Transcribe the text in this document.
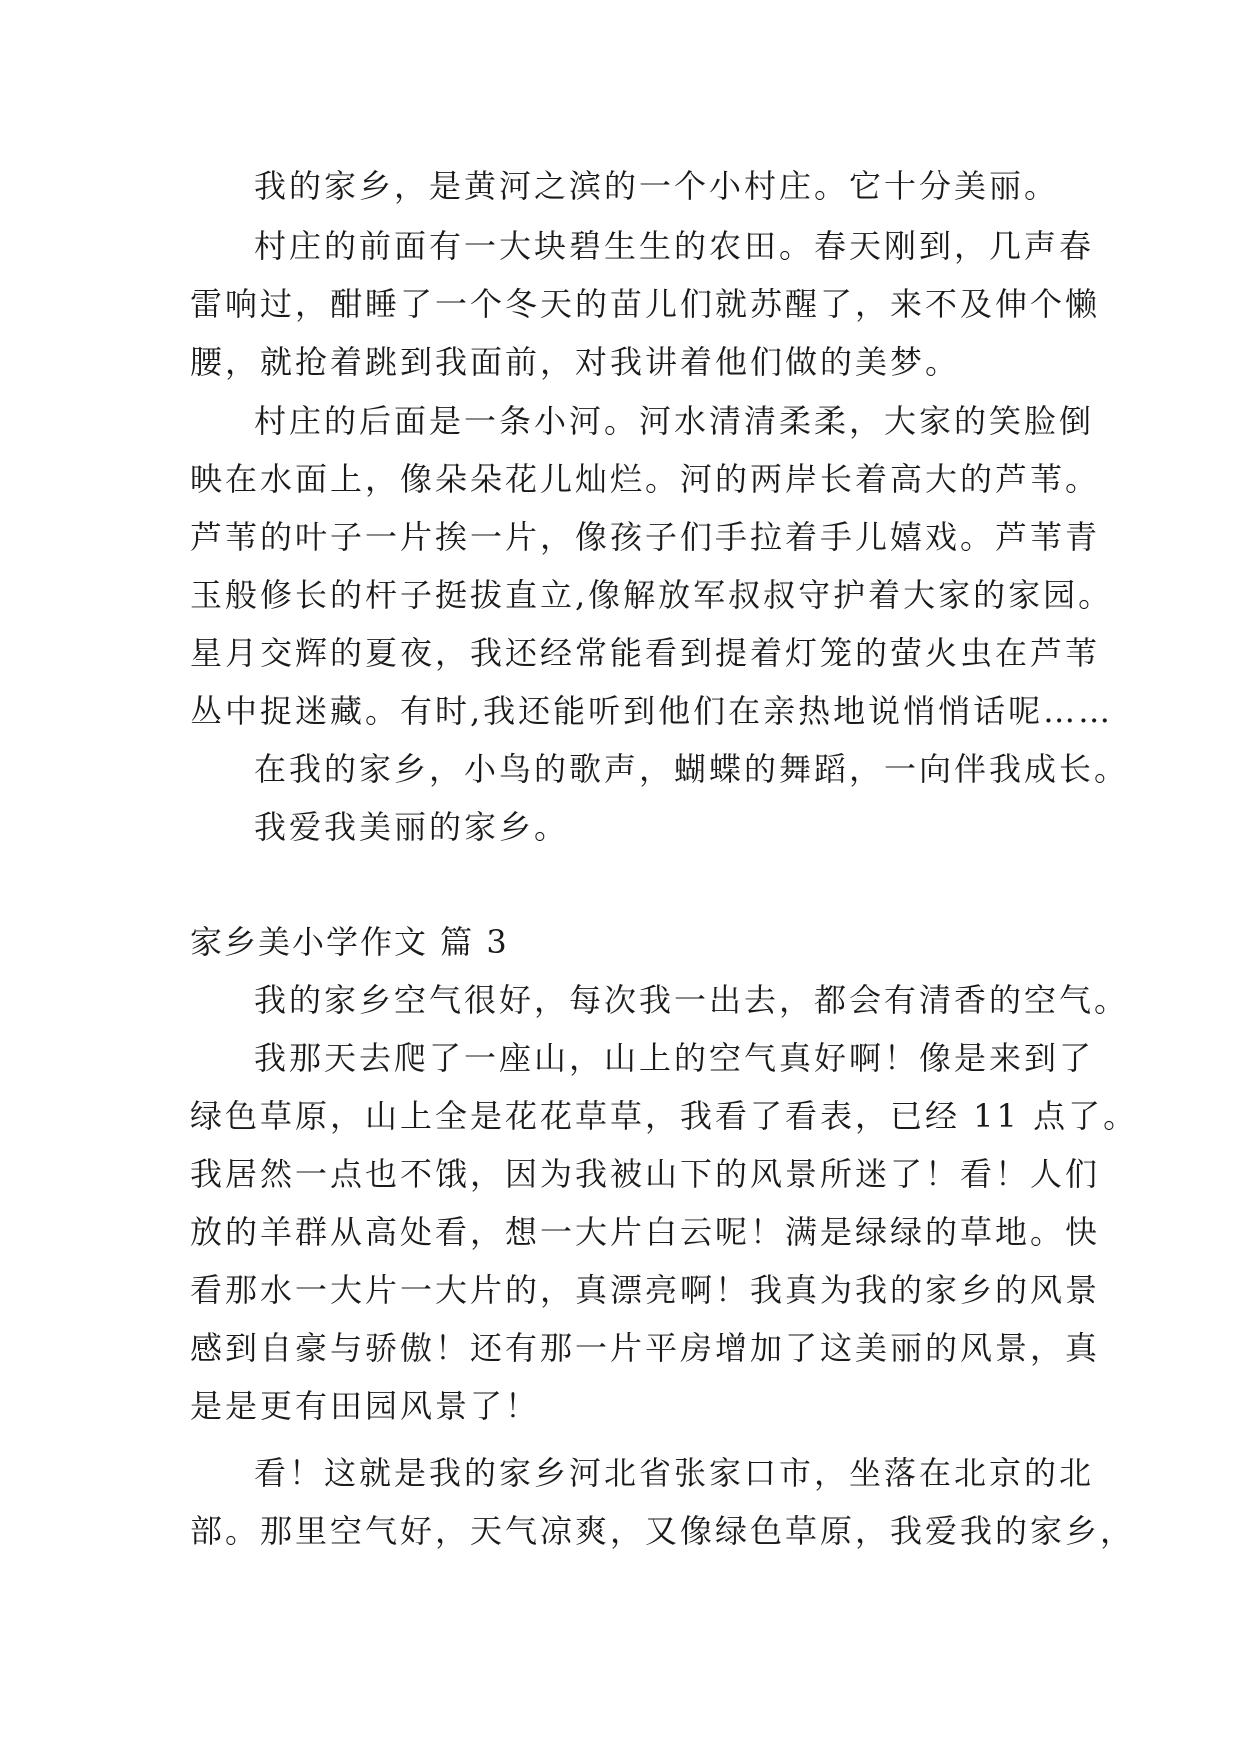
我的家乡，是黄河之滨的一个小村庄。它十分美丽。
村庄的前面有一大块碧生生的农田。春天刚到，几声春
雷响过，酣睡了一个冬天的苗儿们就苏醒了，来不及伸个懒
腰，就抢着跳到我面前，对我讲着他们做的美梦。
村庄的后面是一条小河。河水清清柔柔，大家的笑脸倒
映在水面上，像朵朵花儿灿烂。河的两岸长着高大的芦苇。
芦苇的叶子一片挨一片，像孩子们手拉着手儿嬉戏。芦苇青
玉般修长的杆子挺拔直立,像解放军叔叔守护着大家的家园。
星月交辉的夏夜，我还经常能看到提着灯笼的萤火虫在芦苇
丛中捉迷藏。有时,我还能听到他们在亲热地说悄悄话呢……
在我的家乡，小鸟的歌声，蝴蝶的舞蹈，一向伴我成长。
我爱我美丽的家乡。
家乡美小学作文 篇 3
我的家乡空气很好，每次我一出去，都会有清香的空气。
我那天去爬了一座山，山上的空气真好啊！像是来到了
绿色草原，山上全是花花草草，我看了看表，已经 11 点了。
我居然一点也不饿，因为我被山下的风景所迷了！看！人们
放的羊群从高处看，想一大片白云呢！满是绿绿的草地。快
看那水一大片一大片的，真漂亮啊！我真为我的家乡的风景
感到自豪与骄傲！还有那一片平房增加了这美丽的风景，真
是是更有田园风景了！
看！这就是我的家乡河北省张家口市，坐落在北京的北
部。那里空气好，天气凉爽，又像绿色草原，我爱我的家乡，
